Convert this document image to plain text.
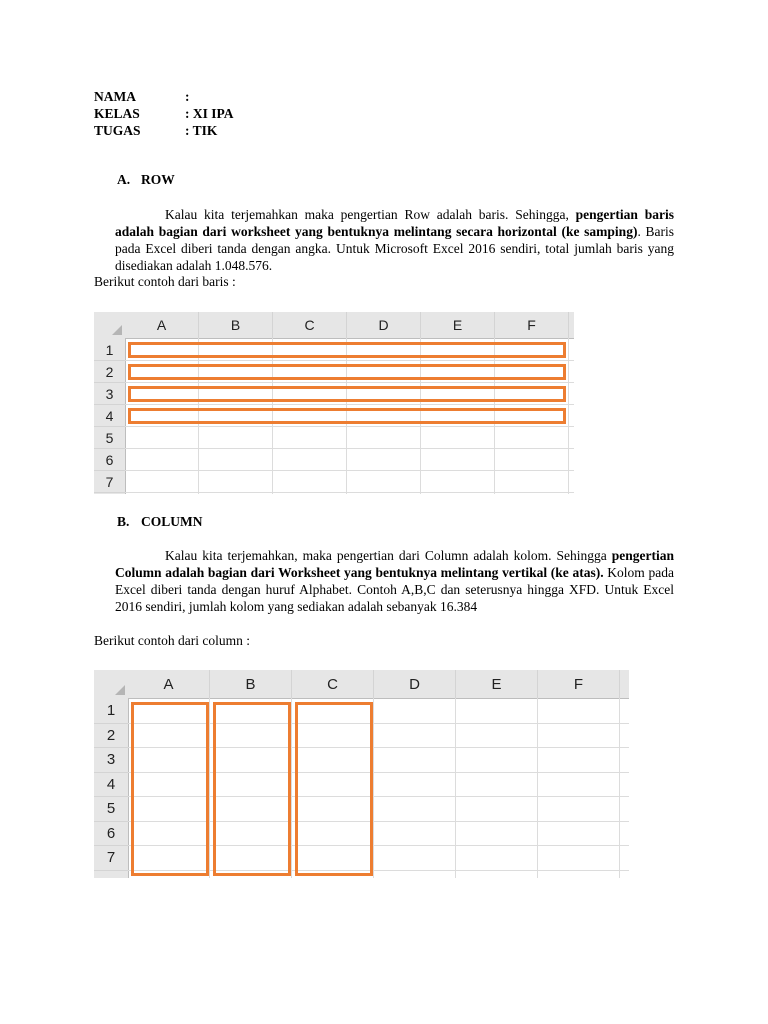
NAMA	:
KELAS	: XI IPA
TUGAS	: TIK
A. ROW

Kalau kita terjemahkan maka pengertian Row adalah baris. Sehingga, pengertian baris adalah bagian dari worksheet yang bentuknya melintang secara horizontal (ke samping). Baris pada Excel diberi tanda dengan angka. Untuk Microsoft Excel 2016 sendiri, total jumlah baris yang disediakan adalah 1.048.576.

Berikut contoh dari baris :
A	B	C	D	E	F
1
2
3
4
5
6
7
B. COLUMN

Kalau kita terjemahkan, maka pengertian dari Column adalah kolom. Sehingga pengertian Column adalah bagian dari Worksheet yang bentuknya melintang vertikal (ke atas). Kolom pada Excel diberi tanda dengan huruf Alphabet. Contoh A,B,C dan seterusnya hingga XFD. Untuk Excel 2016 sendiri, jumlah kolom yang sediakan adalah sebanyak 16.384

Berikut contoh dari column :
A	B	C	D	E	F
1
2
3
4
5
6
7
